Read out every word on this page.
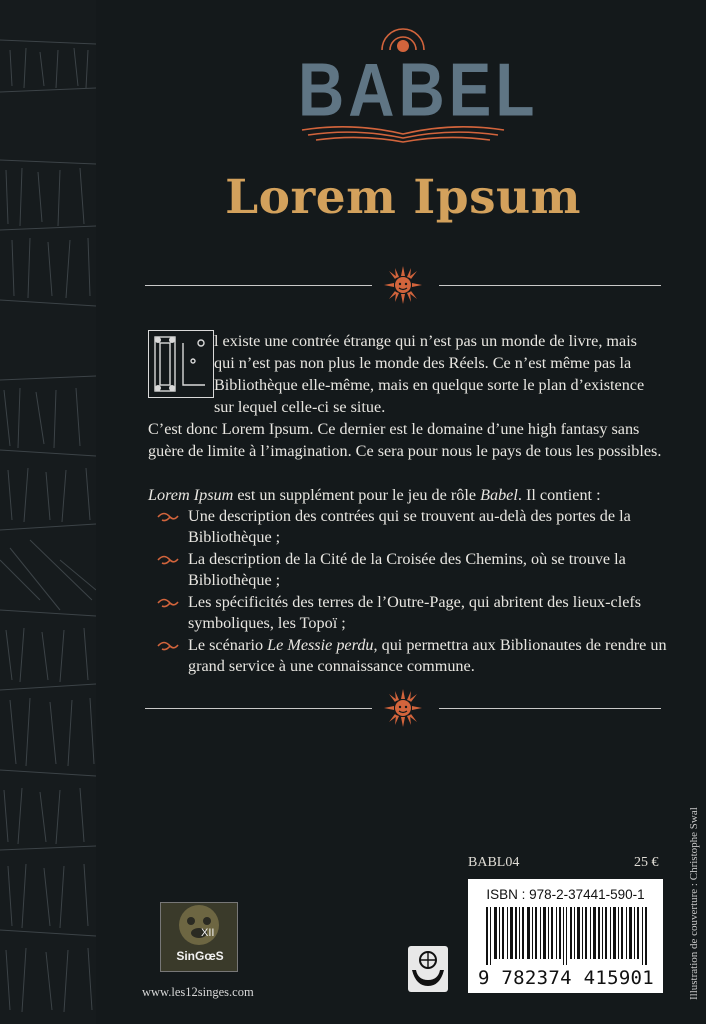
BABEL
Lorem Ipsum

l existe une contrée étrange qui n’est pas un monde de livre, mais

qui n’est pas non plus le monde des Réels. Ce n’est même pas la

Bibliothèque elle-même, mais en quelque sorte le plan d’existence

sur lequel celle-ci se situe.

C’est donc Lorem Ipsum. Ce dernier est le domaine d’une high fantasy sans guère de limite à l’imagination. Ce sera pour nous le pays de tous les possibles.

Lorem Ipsum est un supplément pour le jeu de rôle Babel. Il contient :

Une description des contrées qui se trouvent au-delà des portes de la Bibliothèque ;
La description de la Cité de la Croisée des Chemins, où se trouve la Bibliothèque ;
Les spécificités des terres de l’Outre-Page, qui abritent des lieux-clefs symboliques, les Topoï ;
Le scénario Le Messie perdu, qui permettra aux Biblionautes de rendre un grand service à une connaissance commune.
BABL04	25 €
ISBN : 978-2-37441-590-1
9 782374 415901	Illustration de couverture : Christophe Swal
XII
SinGœS
www.les12singes.com
